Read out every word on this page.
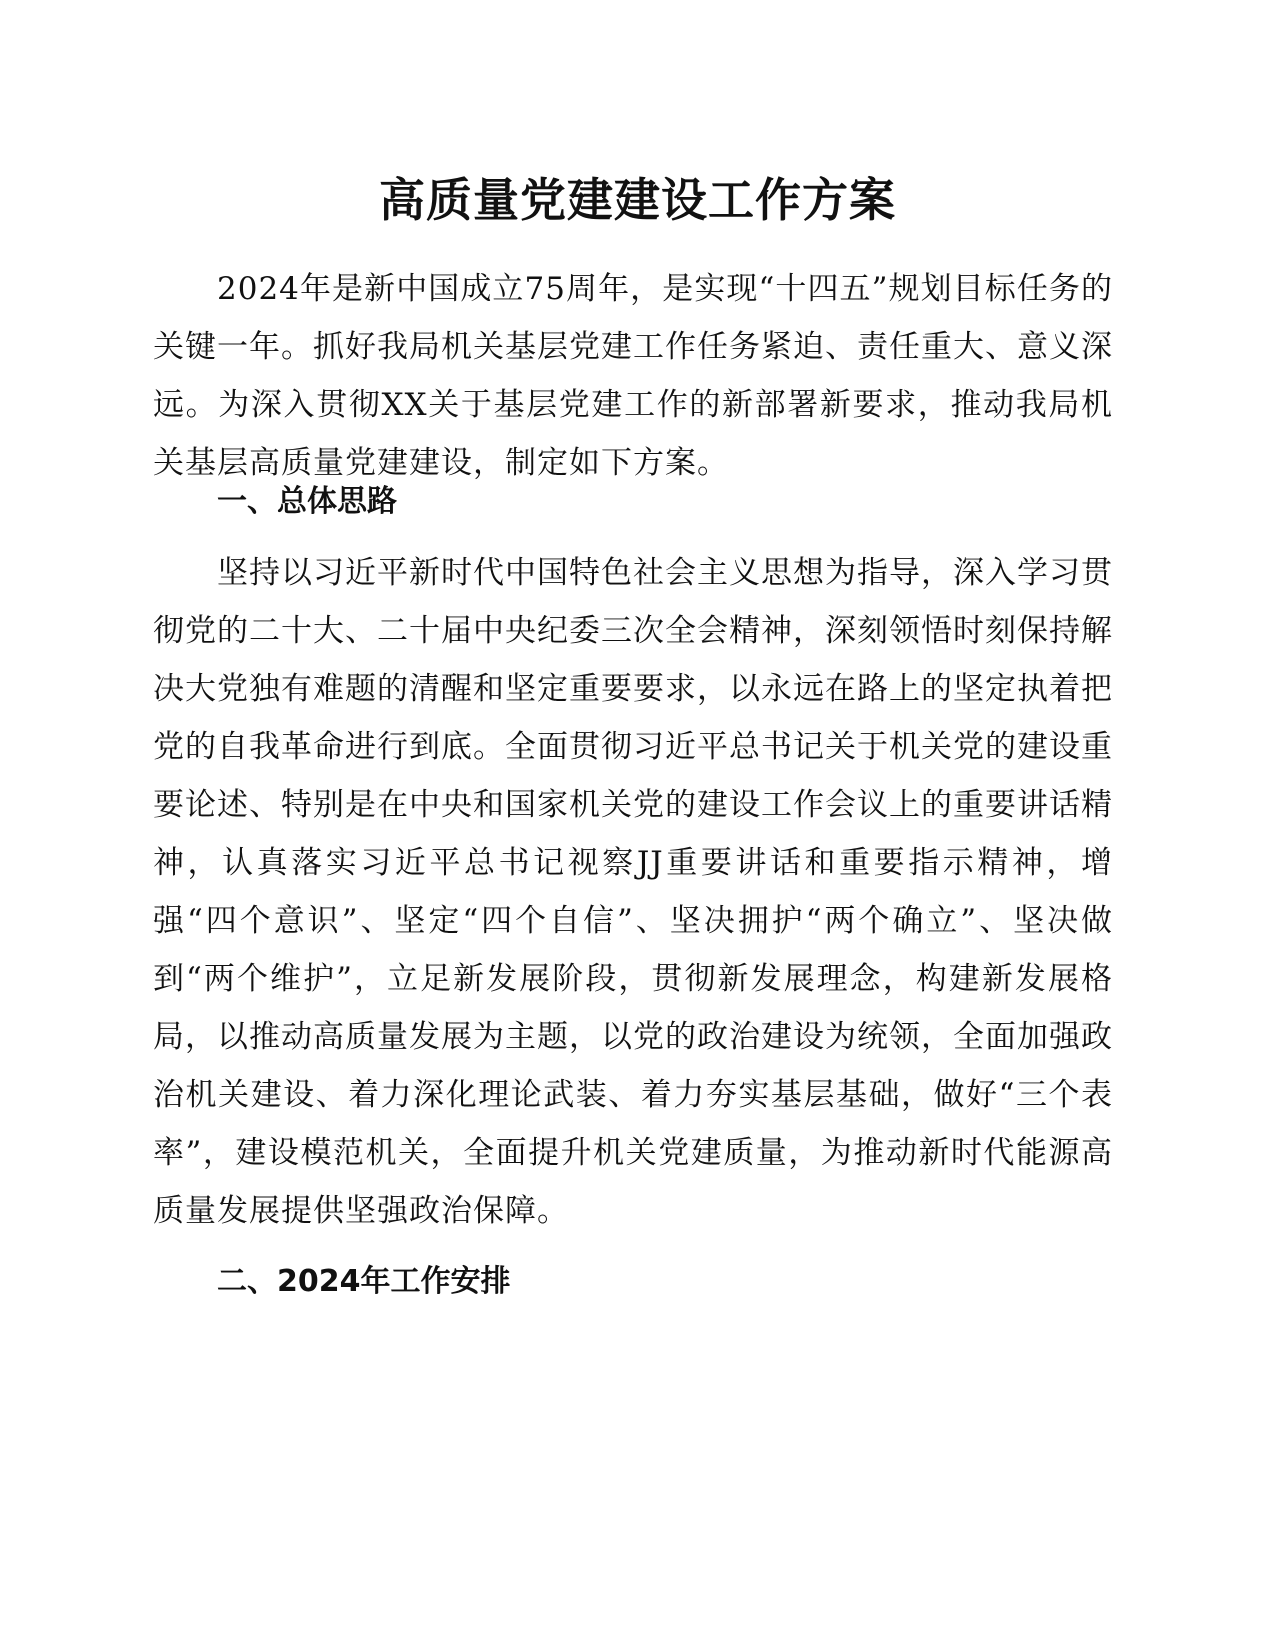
高质量党建建设工作方案

2024年是新中国成立75周年，是实现“十四五”规划目标任务的关键一年。抓好我局机关基层党建工作任务紧迫、责任重大、意义深远。为深入贯彻XX关于基层党建工作的新部署新要求，推动我局机关基层高质量党建建设，制定如下方案。

一、总体思路

坚持以习近平新时代中国特色社会主义思想为指导，深入学习贯彻党的二十大、二十届中央纪委三次全会精神，深刻领悟时刻保持解决大党独有难题的清醒和坚定重要要求，以永远在路上的坚定执着把党的自我革命进行到底。全面贯彻习近平总书记关于机关党的建设重要论述、特别是在中央和国家机关党的建设工作会议上的重要讲话精神，认真落实习近平总书记视察JJ重要讲话和重要指示精神，增强“四个意识”、坚定“四个自信”、坚决拥护“两个确立”、坚决做到“两个维护”，立足新发展阶段，贯彻新发展理念，构建新发展格局，以推动高质量发展为主题，以党的政治建设为统领，全面加强政治机关建设、着力深化理论武装、着力夯实基层基础，做好“三个表率”，建设模范机关，全面提升机关党建质量，为推动新时代能源高质量发展提供坚强政治保障。

二、2024年工作安排
